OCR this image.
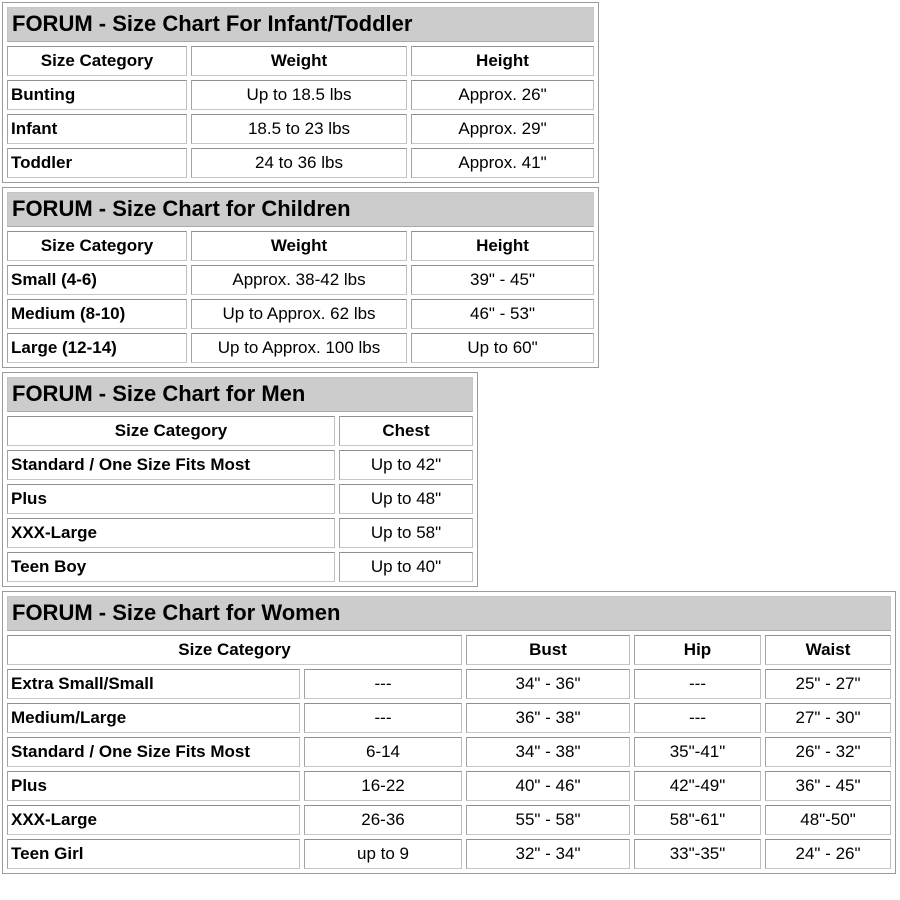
FORUM - Size Chart For Infant/Toddler		
Size Category	Weight	Height
Bunting	Up to 18.5 lbs	Approx. 26"
Infant	18.5 to 23 lbs	Approx. 29"
Toddler	24 to 36 lbs	Approx. 41"
FORUM - Size Chart for Children		
Size Category	Weight	Height
Small (4-6)	Approx. 38-42 lbs	39" - 45"
Medium (8-10)	Up to Approx. 62 lbs	46" - 53"
Large (12-14)	Up to Approx. 100 lbs	Up to 60"
FORUM - Size Chart for Men	
Size Category	Chest
Standard / One Size Fits Most	Up to 42"
Plus	Up to 48"
XXX-Large	Up to 58"
Teen Boy	Up to 40"
FORUM - Size Chart for Women				
Size Category		Bust	Hip	Waist
Extra Small/Small	---	34" - 36"	---	25" - 27"
Medium/Large	---	36" - 38"	---	27" - 30"
Standard / One Size Fits Most	6-14	34" - 38"	35"-41"	26" - 32"
Plus	16-22	40" - 46"	42"-49"	36" - 45"
XXX-Large	26-36	55" - 58"	58"-61"	48"-50"
Teen Girl	up to 9	32" - 34"	33"-35"	24" - 26"
